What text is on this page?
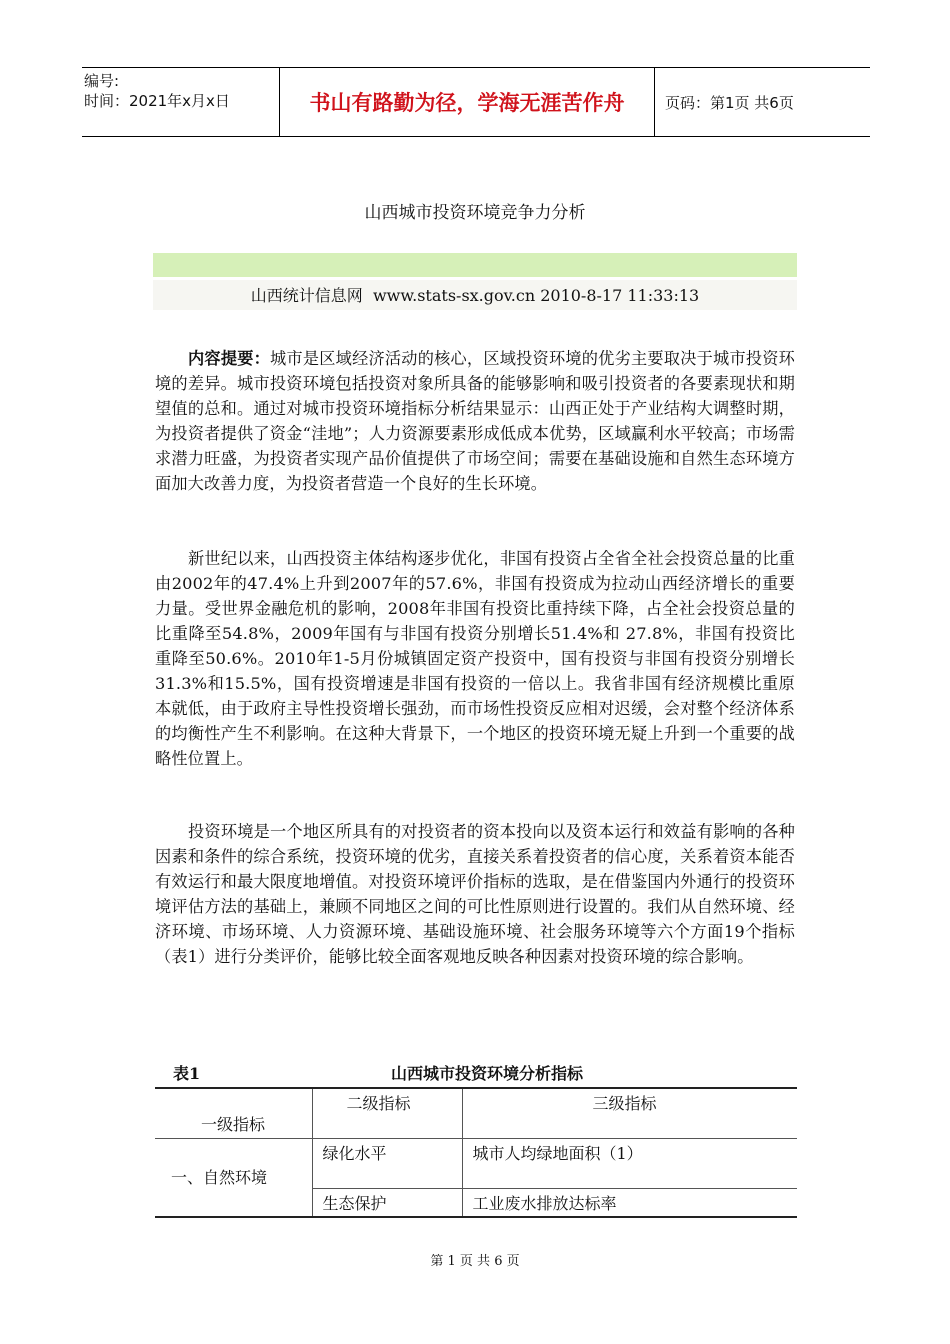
编号:
时间：2021年x月x日	书山有路勤为径，学海无涯苦作舟	页码：第1页 共6页
山西城市投资环境竞争力分析
山西统计信息网  www.stats-sx.gov.cn 2010-8-17 11:33:13

内容提要：城市是区域经济活动的核心，区域投资环境的优劣主要取决于城市投资环境的差异。城市投资环境包括投资对象所具备的能够影响和吸引投资者的各要素现状和期望值的总和。通过对城市投资环境指标分析结果显示：山西正处于产业结构大调整时期，为投资者提供了资金“洼地”；人力资源要素形成低成本优势，区域赢利水平较高；市场需求潜力旺盛，为投资者实现产品价值提供了市场空间；需要在基础设施和自然生态环境方面加大改善力度，为投资者营造一个良好的生长环境。

新世纪以来，山西投资主体结构逐步优化，非国有投资占全省全社会投资总量的比重由2002年的47.4%上升到2007年的57.6%，非国有投资成为拉动山西经济增长的重要力量。受世界金融危机的影响，2008年非国有投资比重持续下降，占全社会投资总量的比重降至54.8%，2009年国有与非国有投资分别增长51.4%和 27.8%，非国有投资比重降至50.6%。2010年1-5月份城镇固定资产投资中，国有投资与非国有投资分别增长31.3%和15.5%，国有投资增速是非国有投资的一倍以上。我省非国有经济规模比重原本就低，由于政府主导性投资增长强劲，而市场性投资反应相对迟缓，会对整个经济体系的均衡性产生不利影响。在这种大背景下，一个地区的投资环境无疑上升到一个重要的战略性位置上。

投资环境是一个地区所具有的对投资者的资本投向以及资本运行和效益有影响的各种因素和条件的综合系统，投资环境的优劣，直接关系着投资者的信心度，关系着资本能否有效运行和最大限度地增值。对投资环境评价指标的选取，是在借鉴国内外通行的投资环境评估方法的基础上，兼顾不同地区之间的可比性原则进行设置的。我们从自然环境、经济环境、市场环境、人力资源环境、基础设施环境、社会服务环境等六个方面19个指标（表1）进行分类评价，能够比较全面客观地反映各种因素对投资环境的综合影响。

表1	山西城市投资环境分析指标
一级指标	二级指标	三级指标
一、自然环境	绿化水平	城市人均绿地面积（1）
	生态保护	工业废水排放达标率
第 1 页 共 6 页
